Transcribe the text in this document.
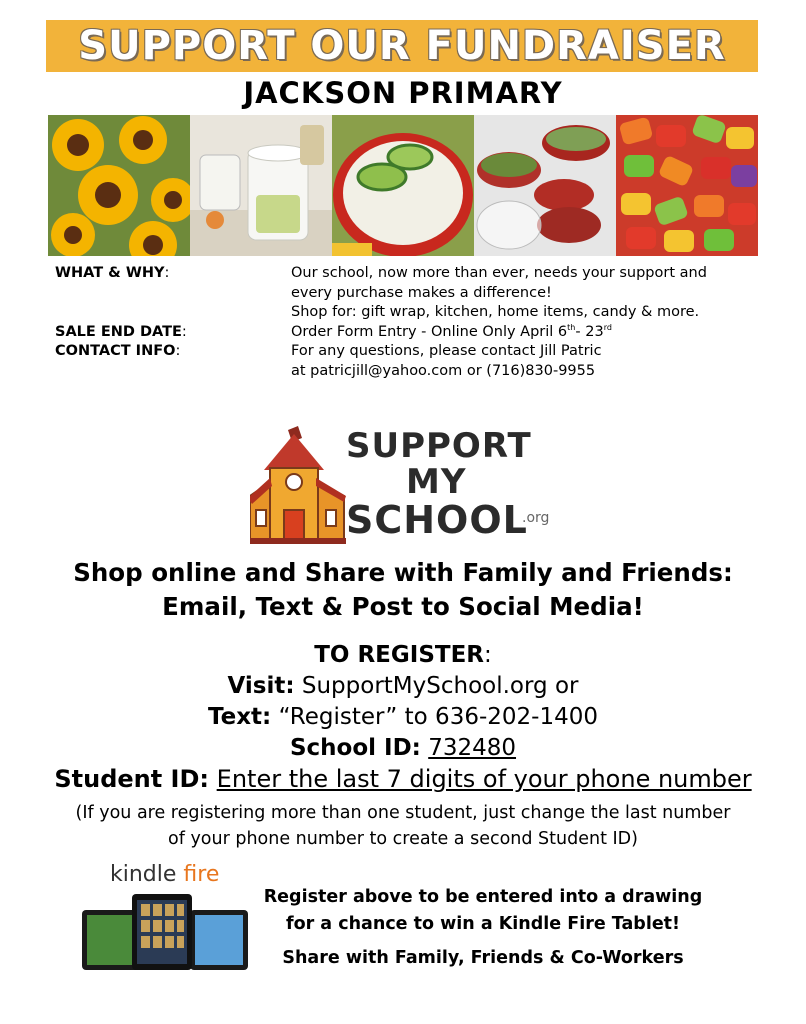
SUPPORT OUR FUNDRAISER
JACKSON PRIMARY
WHAT & WHY:	Our school, now more than ever, needs your support and
every purchase makes a difference!
Shop for: gift wrap, kitchen, home items, candy & more.
SALE END DATE:	Order Form Entry - Online Only April 6th- 23rd
CONTACT INFO:	For any questions, please contact Jill Patric
at patricjill@yahoo.com or (716)830-9955
SUPPORT
MY
SCHOOL
.org
Shop online and Share with Family and Friends:
Email, Text & Post to Social Media!
TO REGISTER:
Visit: SupportMySchool.org or
Text: “Register” to 636-202-1400
School ID: 732480
Student ID: Enter the last 7 digits of your phone number
(If you are registering more than one student, just change the last number
of your phone number to create a second Student ID)
kindle fire
Register above to be entered into a drawing
for a chance to win a Kindle Fire Tablet!
Share with Family, Friends & Co-Workers
